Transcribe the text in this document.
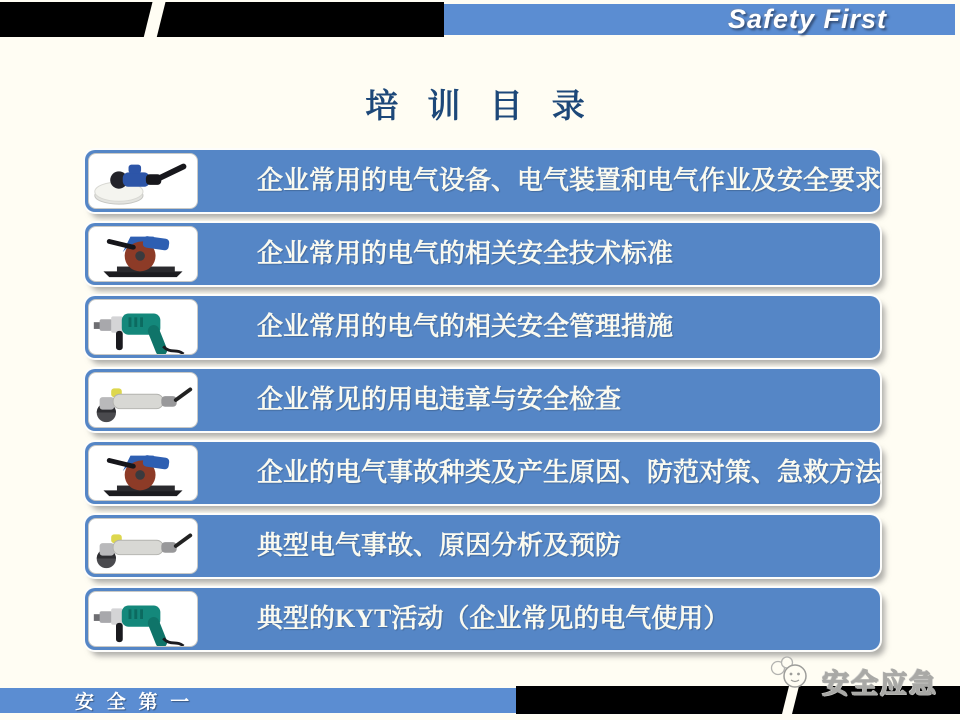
Safety First
培 训 目 录
企业常用的电气设备、电气装置和电气作业及安全要求
企业常用的电气的相关安全技术标准
企业常用的电气的相关安全管理措施
企业常见的用电违章与安全检查
企业的电气事故种类及产生原因、防范对策、急救方法
典型电气事故、原因分析及预防
典型的KYT活动（企业常见的电气使用）
安 全 第 一
安全应急
